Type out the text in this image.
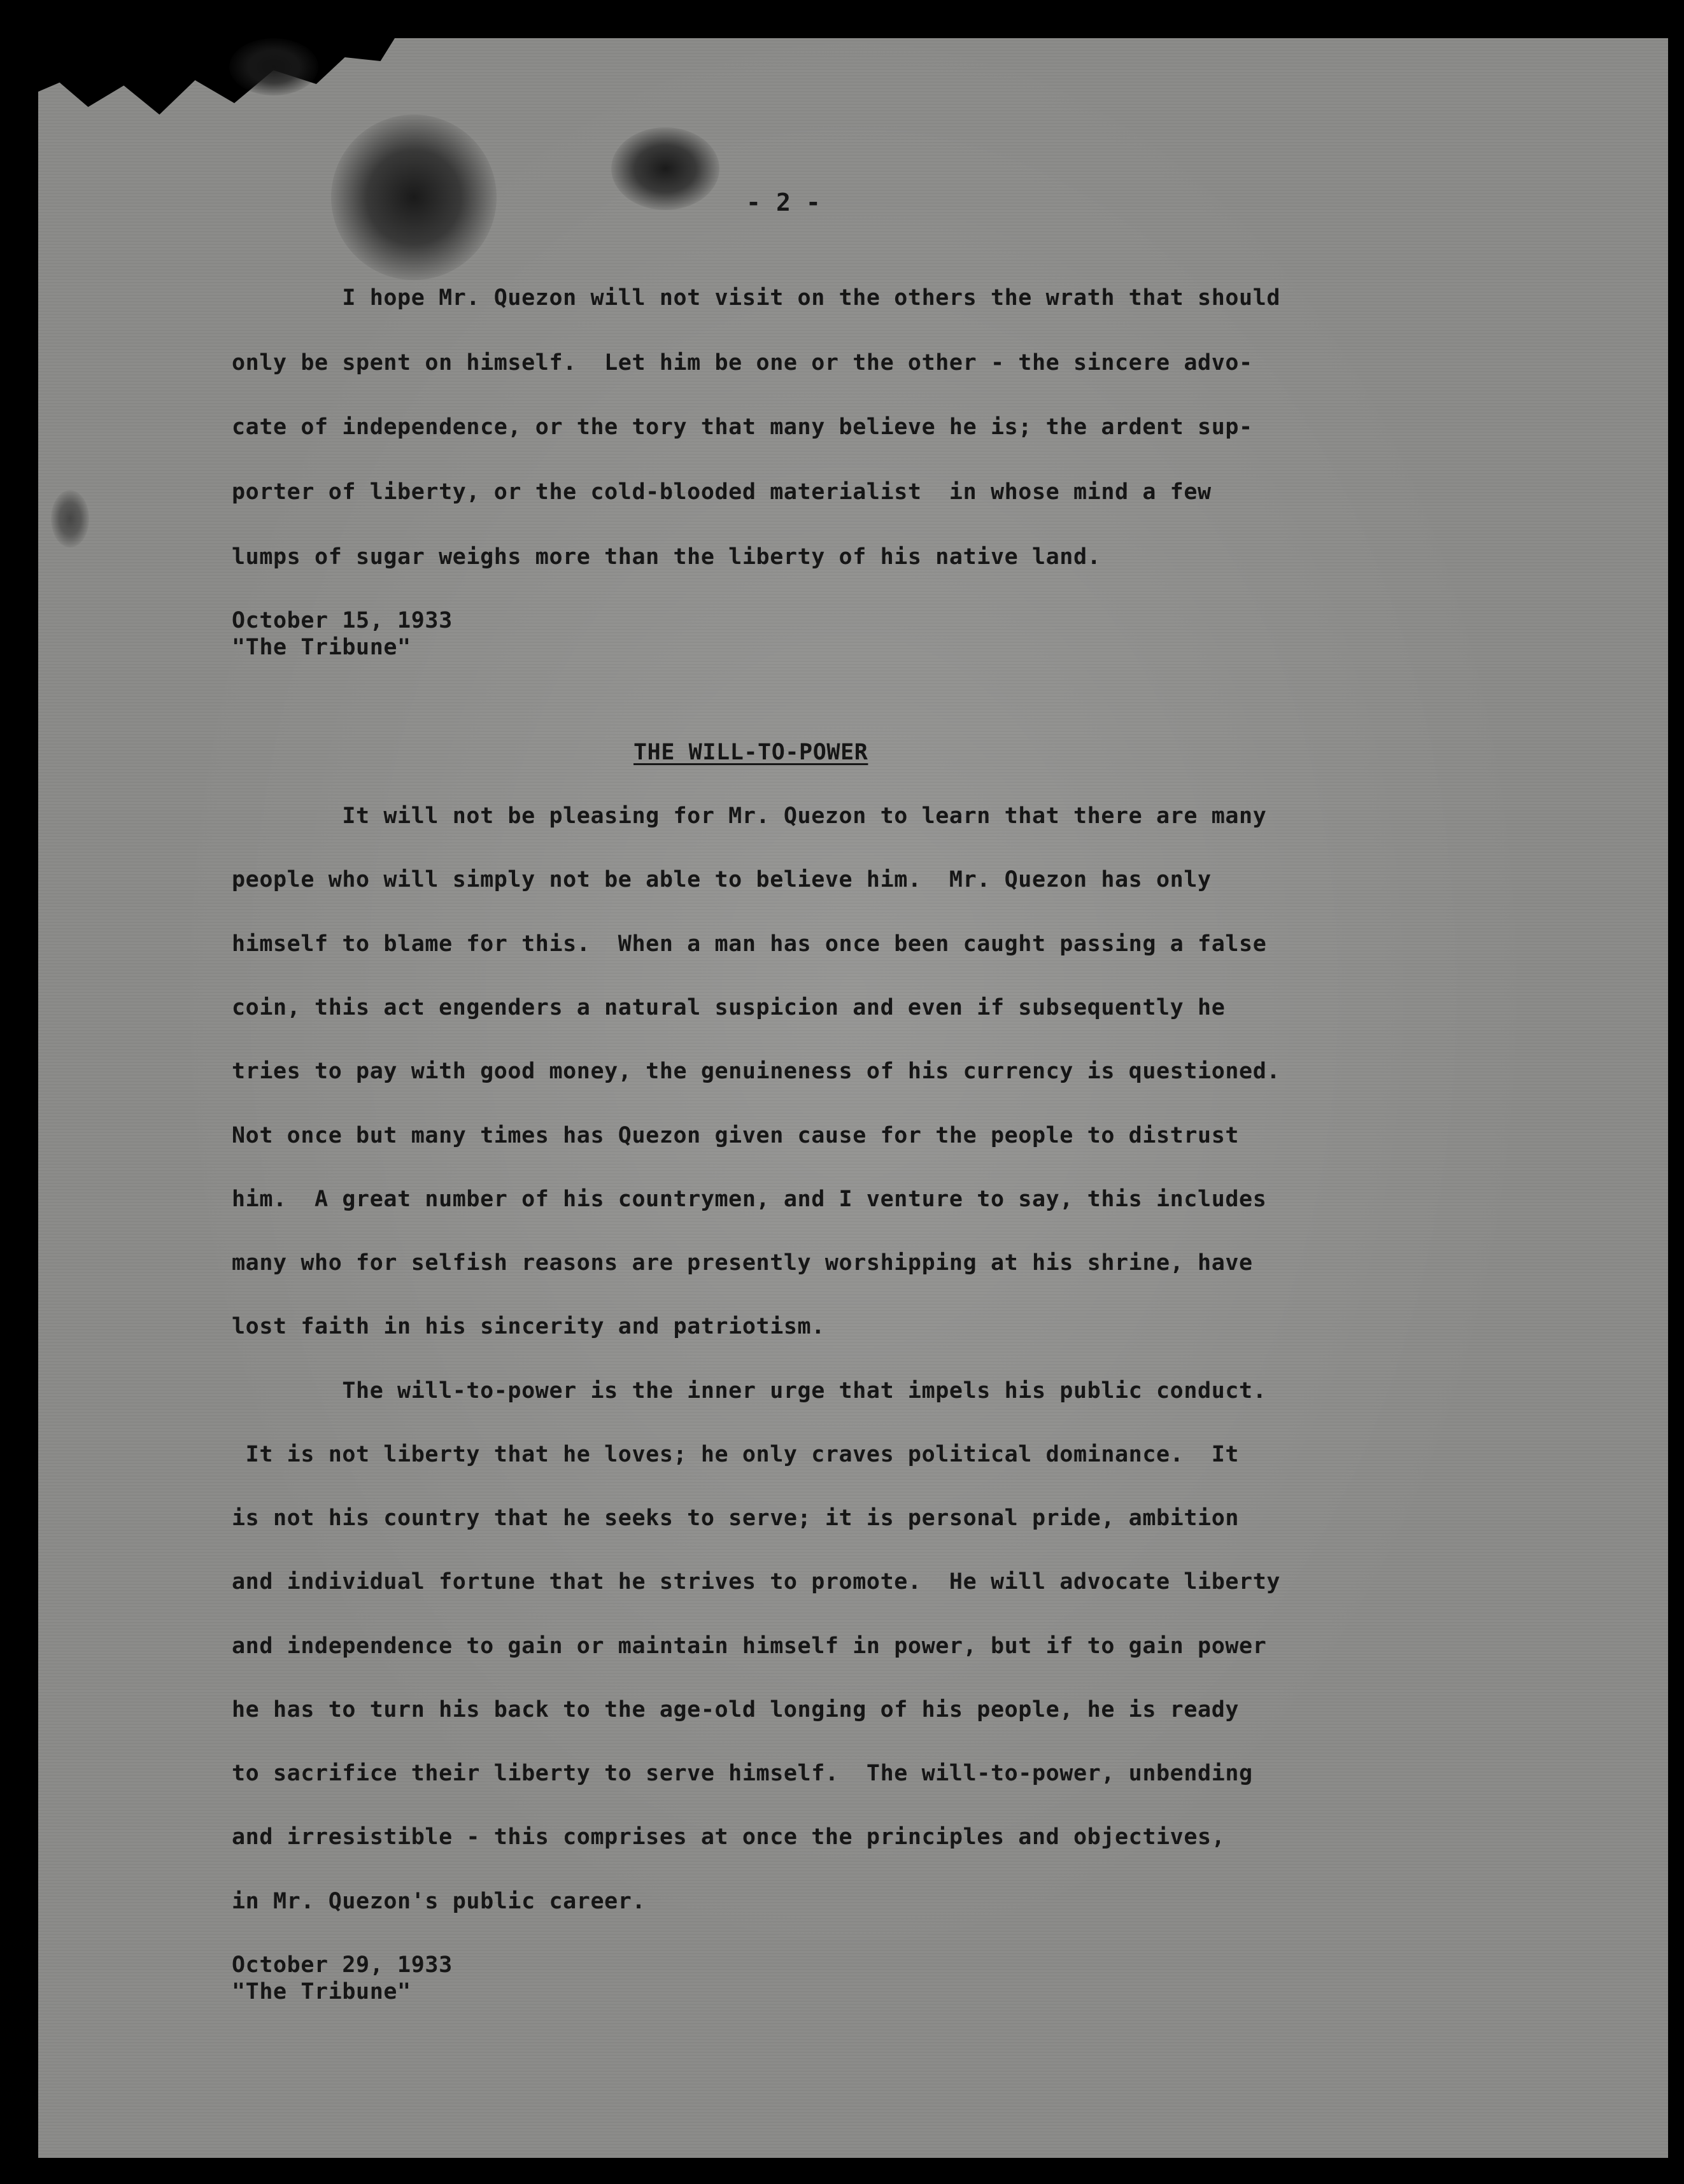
- 2 -
I hope Mr. Quezon will not visit on the others the wrath that should
only be spent on himself.  Let him be one or the other - the sincere advo-
cate of independence, or the tory that many believe he is; the ardent sup-
porter of liberty, or the cold-blooded materialist  in whose mind a few
lumps of sugar weighs more than the liberty of his native land.
October 15, 1933
"The Tribune"
THE WILL-TO-POWER
It will not be pleasing for Mr. Quezon to learn that there are many
people who will simply not be able to believe him.  Mr. Quezon has only
himself to blame for this.  When a man has once been caught passing a false
coin, this act engenders a natural suspicion and even if subsequently he
tries to pay with good money, the genuineness of his currency is questioned.
Not once but many times has Quezon given cause for the people to distrust
him.  A great number of his countrymen, and I venture to say, this includes
many who for selfish reasons are presently worshipping at his shrine, have
lost faith in his sincerity and patriotism.
The will-to-power is the inner urge that impels his public conduct.
It is not liberty that he loves; he only craves political dominance.  It
is not his country that he seeks to serve; it is personal pride, ambition
and individual fortune that he strives to promote.  He will advocate liberty
and independence to gain or maintain himself in power, but if to gain power
he has to turn his back to the age-old longing of his people, he is ready
to sacrifice their liberty to serve himself.  The will-to-power, unbending
and irresistible - this comprises at once the principles and objectives,
in Mr. Quezon's public career.
October 29, 1933
"The Tribune"
